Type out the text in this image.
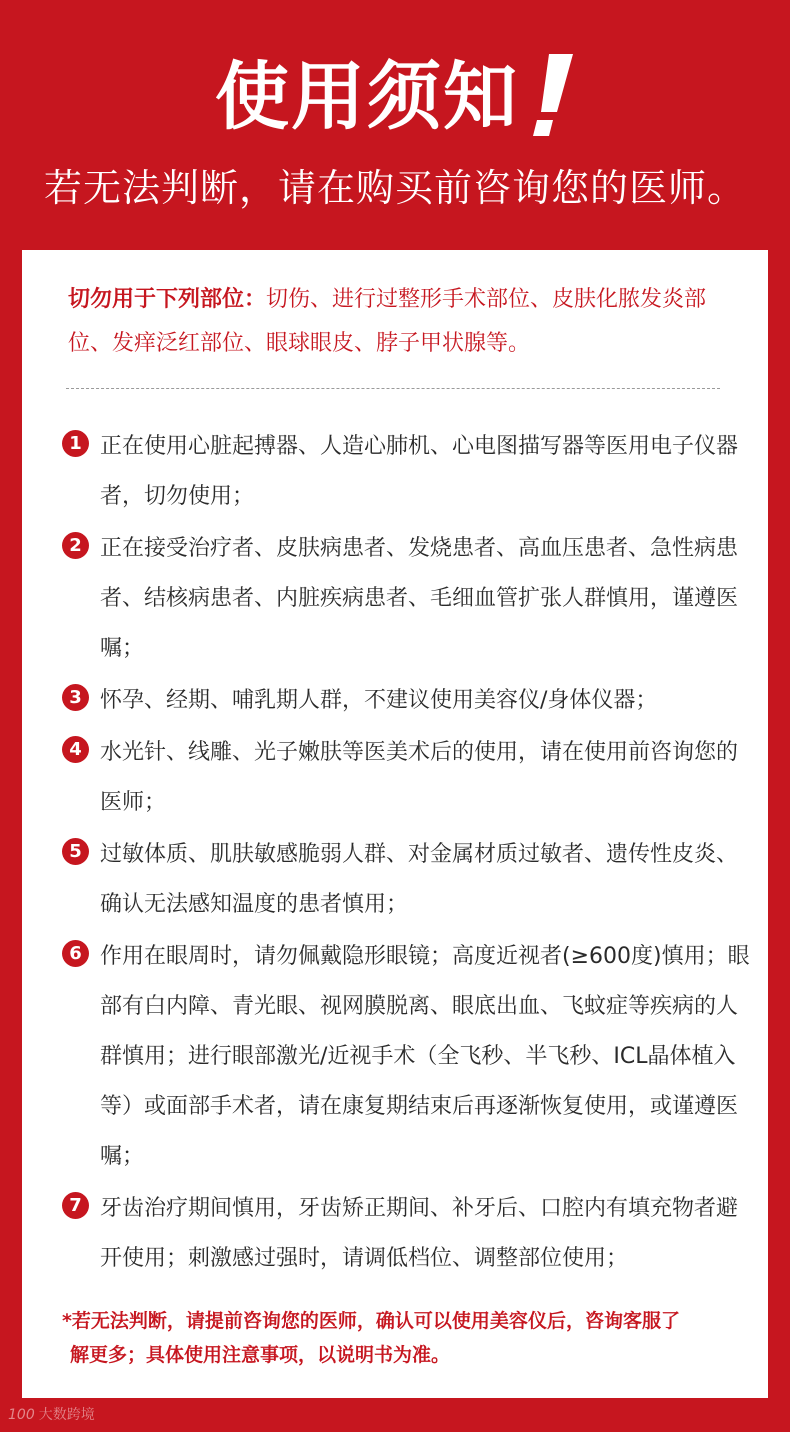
使用须知
若无法判断，请在购买前咨询您的医师。
切勿用于下列部位：切伤、进行过整形手术部位、皮肤化脓发炎部位、发痒泛红部位、眼球眼皮、脖子甲状腺等。
1 正在使用心脏起搏器、人造心肺机、心电图描写器等医用电子仪器者，切勿使用；
2 正在接受治疗者、皮肤病患者、发烧患者、高血压患者、急性病患者、结核病患者、内脏疾病患者、毛细血管扩张人群慎用，谨遵医嘱；
3 怀孕、经期、哺乳期人群，不建议使用美容仪/身体仪器；
4 水光针、线雕、光子嫩肤等医美术后的使用，请在使用前咨询您的医师；
5 过敏体质、肌肤敏感脆弱人群、对金属材质过敏者、遗传性皮炎、确认无法感知温度的患者慎用；
6 作用在眼周时，请勿佩戴隐形眼镜；高度近视者(≥600度)慎用；眼部有白内障、青光眼、视网膜脱离、眼底出血、飞蚊症等疾病的人群慎用；进行眼部激光/近视手术（全飞秒、半飞秒、ICL晶体植入等）或面部手术者，请在康复期结束后再逐渐恢复使用，或谨遵医嘱；
7 牙齿治疗期间慎用，牙齿矫正期间、补牙后、口腔内有填充物者避开使用；刺激感过强时，请调低档位、调整部位使用；
*若无法判断，请提前咨询您的医师，确认可以使用美容仪后，咨询客服了
解更多；具体使用注意事项，以说明书为准。
100 大数跨境
